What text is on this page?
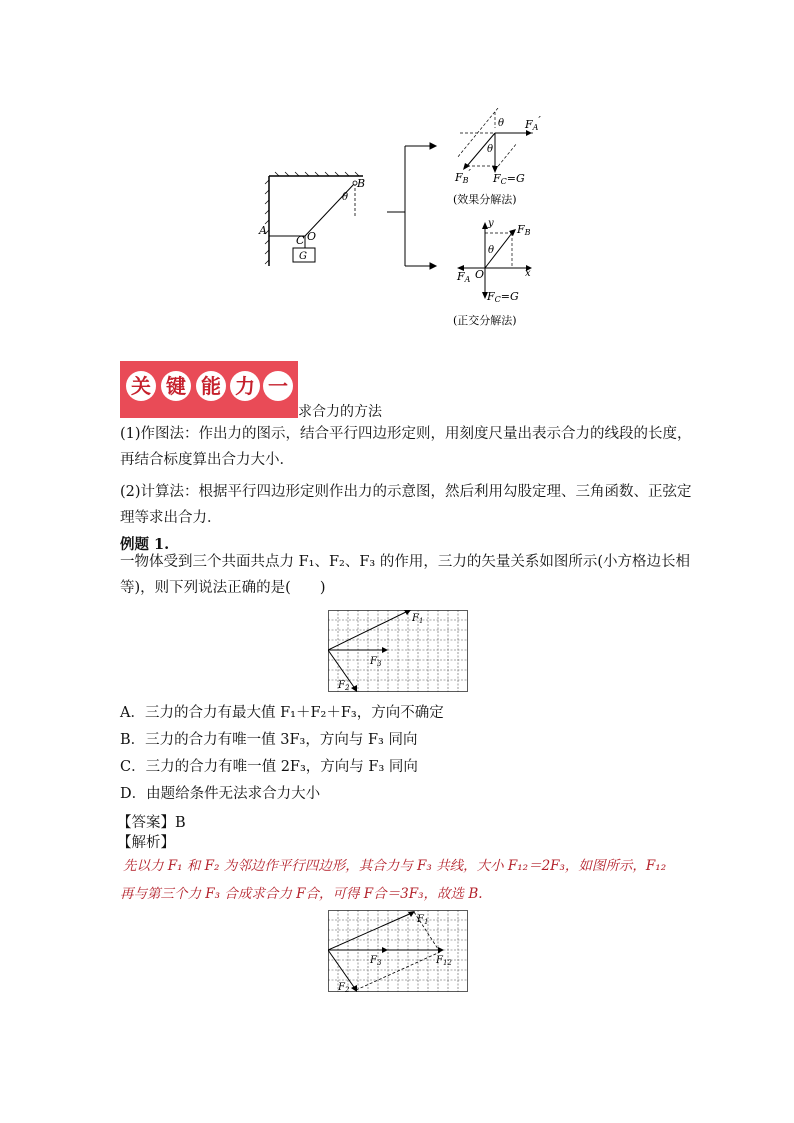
A
B
C O
θ
G
θ
θ
FA′
FB′ FC=G
(效果分解法)
y
x
O
θ
FB
FA
FC=G
(正交分解法)
关 键 能 力 一
求合力的方法
(1)作图法：作出力的图示，结合平行四边形定则，用刻度尺量出表示合力的线段的长度，
再结合标度算出合力大小．
(2)计算法：根据平行四边形定则作出力的示意图，然后利用勾股定理、三角函数、正弦定
理等求出合力．
例题 1.
一物体受到三个共面共点力 F₁、F₂、F₃ 的作用，三力的矢量关系如图所示(小方格边长相
等)，则下列说法正确的是(　　)
$F_1$
$F_3$
$F_2$
A．三力的合力有最大值 F₁＋F₂＋F₃，方向不确定
B．三力的合力有唯一值 3F₃，方向与 F₃ 同向
C．三力的合力有唯一值 2F₃，方向与 F₃ 同向
D．由题给条件无法求合力大小
【答案】B
【解析】
先以力 F₁ 和 F₂ 为邻边作平行四边形，其合力与 F₃ 共线，大小 F₁₂＝2F₃，如图所示，F₁₂
再与第三个力 F₃ 合成求合力 F合，可得 F合＝3F₃，故选 B.
$F_1$
$F_3$
$F_2$
$F_{12}$
